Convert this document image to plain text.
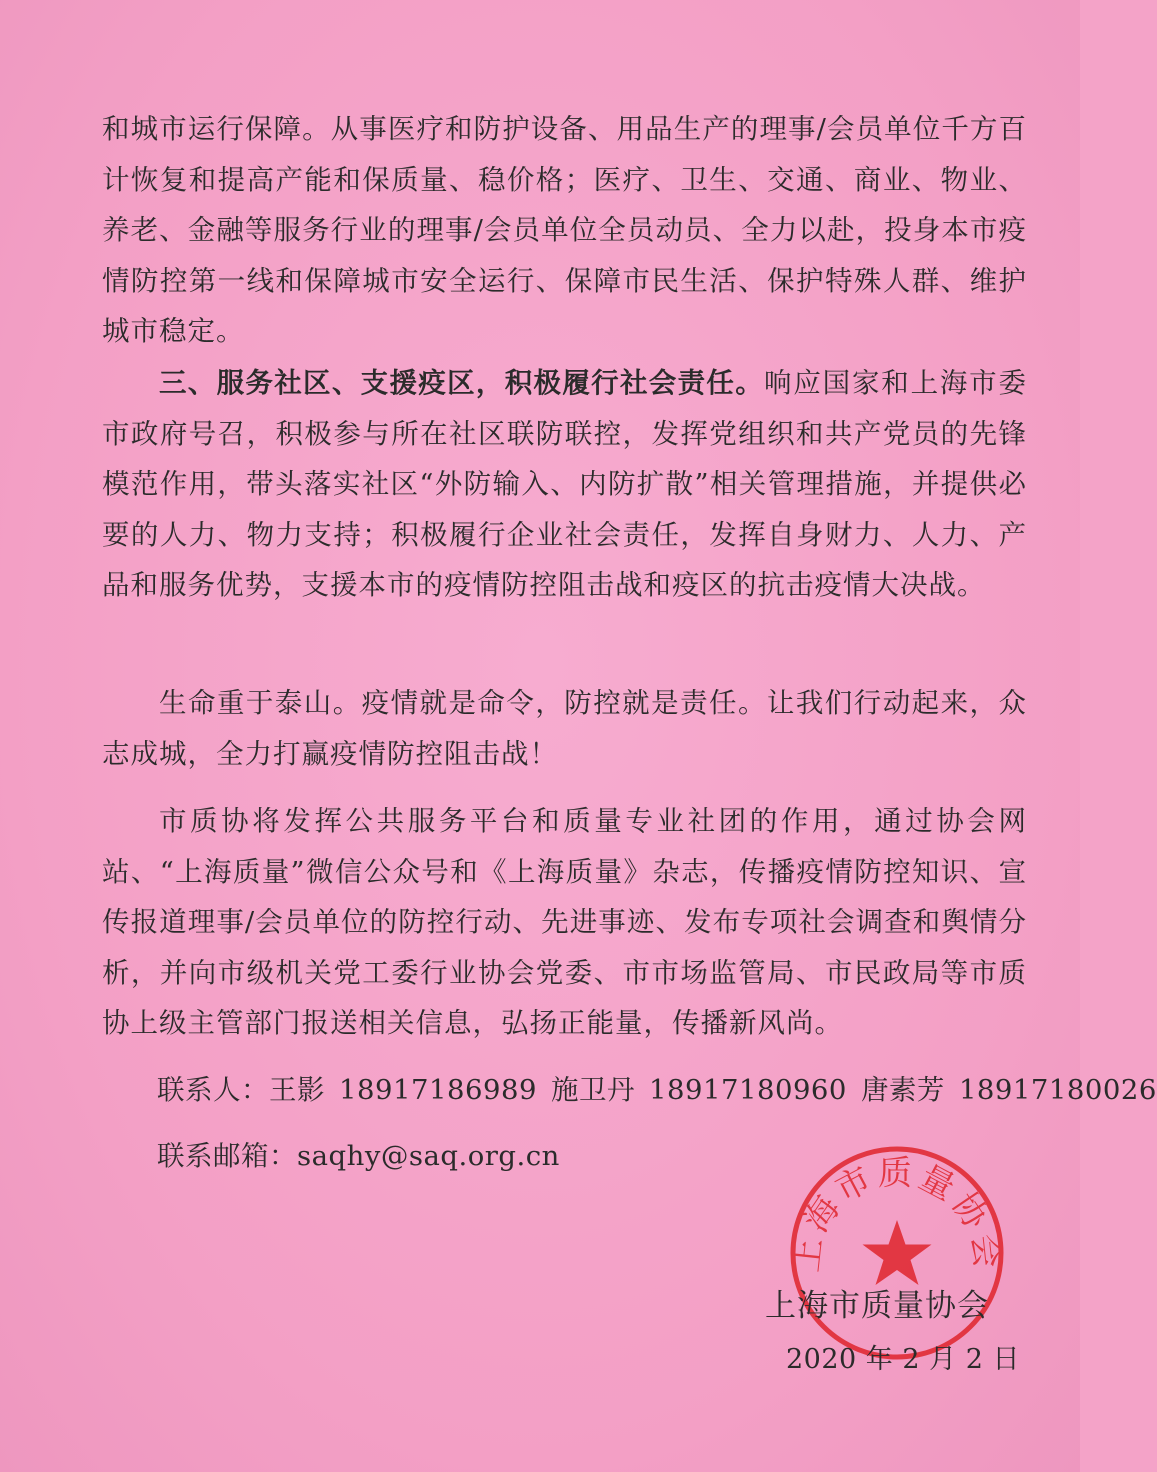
和城市运行保障。从事医疗和防护设备、用品生产的理事/会员单位千方百计恢复和提高产能和保质量、稳价格；医疗、卫生、交通、商业、物业、养老、金融等服务行业的理事/会员单位全员动员、全力以赴，投身本市疫情防控第一线和保障城市安全运行、保障市民生活、保护特殊人群、维护城市稳定。

三、服务社区、支援疫区，积极履行社会责任。响应国家和上海市委市政府号召，积极参与所在社区联防联控，发挥党组织和共产党员的先锋模范作用，带头落实社区“外防输入、内防扩散”相关管理措施，并提供必要的人力、物力支持；积极履行企业社会责任，发挥自身财力、人力、产品和服务优势，支援本市的疫情防控阻击战和疫区的抗击疫情大决战。

生命重于泰山。疫情就是命令，防控就是责任。让我们行动起来，众志成城，全力打赢疫情防控阻击战！

市质协将发挥公共服务平台和质量专业社团的作用，通过协会网站、“上海质量”微信公众号和《上海质量》杂志，传播疫情防控知识、宣传报道理事/会员单位的防控行动、先进事迹、发布专项社会调查和舆情分析，并向市级机关党工委行业协会党委、市市场监管局、市民政局等市质协上级主管部门报送相关信息，弘扬正能量，传播新风尚。

联系人：王影 18917186989 施卫丹 18917180960 唐素芳 18917180026

联系邮箱：saqhy@saq.org.cn

上海市质量协会
上海市质量协会
2020 年 2 月 2 日
